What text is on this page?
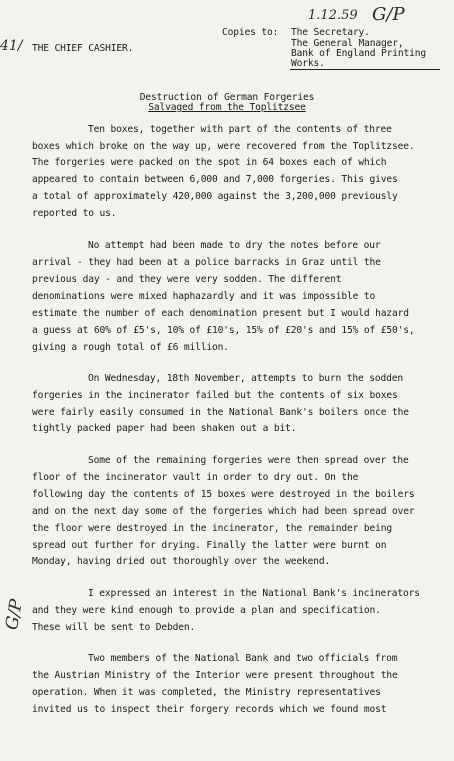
41/
1.12.59 G/P
THE CHIEF CASHIER.
Copies to: The Secretary.
The General Manager,
Bank of England Printing
Works.
Destruction of German Forgeries
Salvaged from the Toplitzsee
Ten boxes, together with part of the contents of three
boxes which broke on the way up, were recovered from the Toplitzsee.
The forgeries were packed on the spot in 64 boxes each of which
appeared to contain between 6,000 and 7,000 forgeries. This gives
a total of approximately 420,000 against the 3,200,000 previously
reported to us.
No attempt had been made to dry the notes before our
arrival - they had been at a police barracks in Graz until the
previous day - and they were very sodden. The different
denominations were mixed haphazardly and it was impossible to
estimate the number of each denomination present but I would hazard
a guess at 60% of £5's, 10% of £10's, 15% of £20's and 15% of £50's,
giving a rough total of £6 million.
On Wednesday, 18th November, attempts to burn the sodden
forgeries in the incinerator failed but the contents of six boxes
were fairly easily consumed in the National Bank's boilers once the
tightly packed paper had been shaken out a bit.
Some of the remaining forgeries were then spread over the
floor of the incinerator vault in order to dry out. On the
following day the contents of 15 boxes were destroyed in the boilers
and on the next day some of the forgeries which had been spread over
the floor were destroyed in the incinerator, the remainder being
spread out further for drying. Finally the latter were burnt on
Monday, having dried out thoroughly over the weekend.
I expressed an interest in the National Bank's incinerators
and they were kind enough to provide a plan and specification.
These will be sent to Debden.
Two members of the National Bank and two officials from
the Austrian Ministry of the Interior were present throughout the
operation. When it was completed, the Ministry representatives
invited us to inspect their forgery records which we found most
G/P
